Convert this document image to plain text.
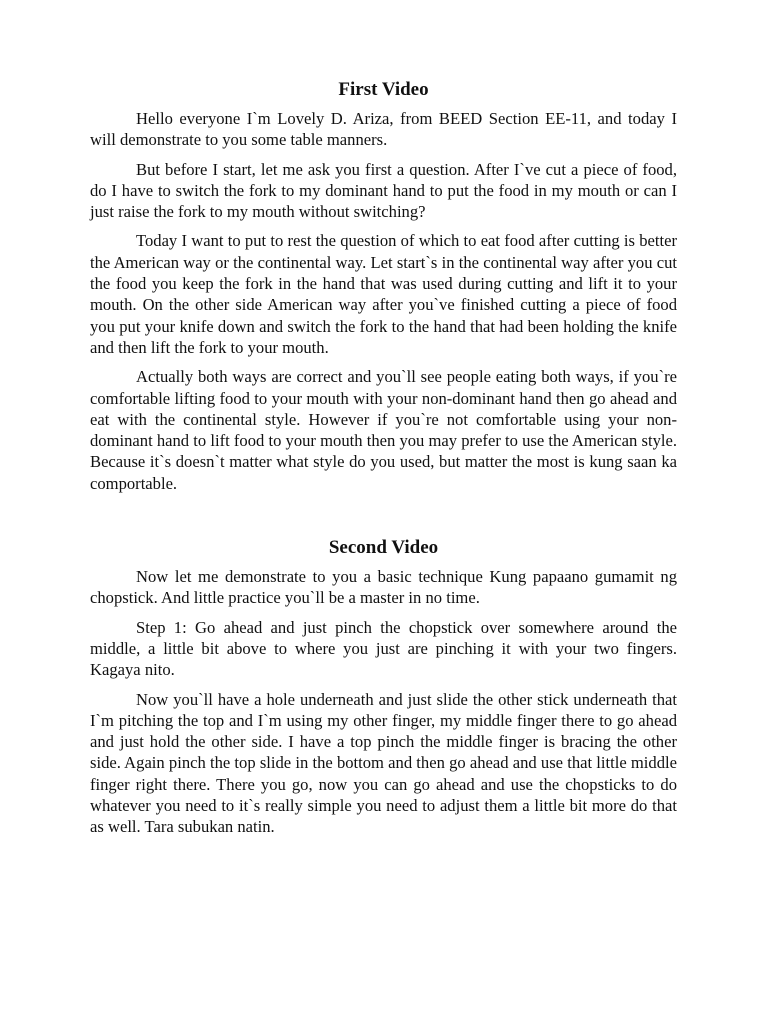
First Video

Hello everyone I`m Lovely D. Ariza, from BEED Section EE-11, and today I will demonstrate to you some table manners.

But before I start, let me ask you first a question. After I`ve cut a piece of food, do I have to switch the fork to my dominant hand to put the food in my mouth or can I just raise the fork to my mouth without switching?

Today I want to put to rest the question of which to eat food after cutting is better the American way or the continental way. Let start`s in the continental way after you cut the food you keep the fork in the hand that was used during cutting and lift it to your mouth. On the other side American way after you`ve finished cutting a piece of food you put your knife down and switch the fork to the hand that had been holding the knife and then lift the fork to your mouth.

Actually both ways are correct and you`ll see people eating both ways, if you`re comfortable lifting food to your mouth with your non-dominant hand then go ahead and eat with the continental style. However if you`re not comfortable using your non-dominant hand to lift food to your mouth then you may prefer to use the American style. Because it`s doesn`t matter what style do you used, but matter the most is kung saan ka comportable.

Second Video

Now let me demonstrate to you a basic technique Kung papaano gumamit ng chopstick. And little practice you`ll be a master in no time.

Step 1: Go ahead and just pinch the chopstick over somewhere around the middle, a little bit above to where you just are pinching it with your two fingers. Kagaya nito.

Now you`ll have a hole underneath and just slide the other stick underneath that I`m pitching the top and I`m using my other finger, my middle finger there to go ahead and just hold the other side. I have a top pinch the middle finger is bracing the other side. Again pinch the top slide in the bottom and then go ahead and use that little middle finger right there. There you go, now you can go ahead and use the chopsticks to do whatever you need to it`s really simple you need to adjust them a little bit more do that as well. Tara subukan natin.
